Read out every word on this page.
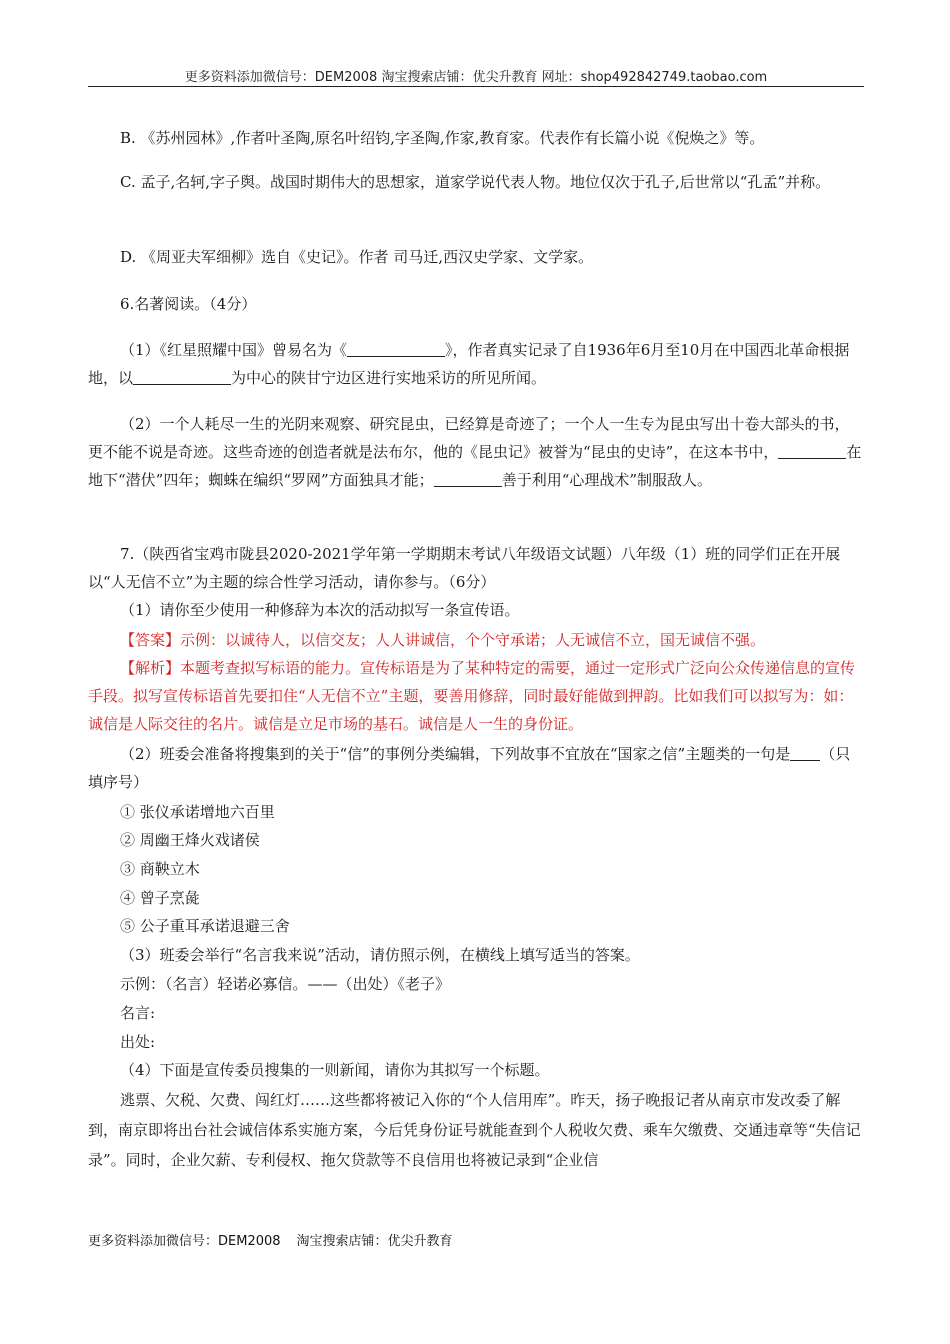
更多资料添加微信号：DEM2008 淘宝搜索店铺：优尖升教育 网址：shop492842749.taobao.com

B. 《苏州园林》,作者叶圣陶,原名叶绍钧,字圣陶,作家,教育家。代表作有长篇小说《倪焕之》等。

C. 孟子,名轲,字子舆。战国时期伟大的思想家，道家学说代表人物。地位仅次于孔子,后世常以“孔孟”并称。

D. 《周亚夫军细柳》选自《史记》。作者 司马迁,西汉史学家、文学家。

6.名著阅读。（4分）

（1）《红星照耀中国》曾易名为《	》，作者真实记录了自1936年6月至10月在中国西北革命根据地，以	为中心的陕甘宁边区进行实地采访的所见所闻。

（2）一个人耗尽一生的光阴来观察、研究昆虫，已经算是奇迹了；一个人一生专为昆虫写出十卷大部头的书，更不能不说是奇迹。这些奇迹的创造者就是法布尔，他的《昆虫记》被誉为“昆虫的史诗”，在这本书中，	在地下“潜伏”四年；蜘蛛在编织“罗网”方面独具才能；	善于利用“心理战术”制服敌人。

7.（陕西省宝鸡市陇县2020-2021学年第一学期期末考试八年级语文试题）八年级（1）班的同学们正在开展以“人无信不立”为主题的综合性学习活动，请你参与。（6分）

（1）请你至少使用一种修辞为本次的活动拟写一条宣传语。

【答案】示例：以诚待人，以信交友；人人讲诚信，个个守承诺；人无诚信不立，国无诚信不强。

【解析】本题考查拟写标语的能力。宣传标语是为了某种特定的需要，通过一定形式广泛向公众传递信息的宣传手段。拟写宣传标语首先要扣住“人无信不立”主题，要善用修辞，同时最好能做到押韵。比如我们可以拟写为：如：诚信是人际交往的名片。诚信是立足市场的基石。诚信是人一生的身份证。

（2）班委会准备将搜集到的关于“信”的事例分类编辑，下列故事不宜放在“国家之信”主题类的一句是 （只填序号）

① 张仪承诺增地六百里

② 周幽王烽火戏诸侯

③ 商鞅立木

④ 曾子烹彘

⑤ 公子重耳承诺退避三舍

（3）班委会举行“名言我来说”活动，请仿照示例，在横线上填写适当的答案。

示例：（名言）轻诺必寡信。——（出处）《老子》

名言:

出处:

（4）下面是宣传委员搜集的一则新闻，请你为其拟写一个标题。

逃票、欠税、欠费、闯红灯……这些都将被记入你的“个人信用库”。昨天，扬子晚报记者从南京市发改委了解到，南京即将出台社会诚信体系实施方案，今后凭身份证号就能查到个人税收欠费、乘车欠缴费、交通违章等“失信记录”。同时，企业欠薪、专利侵权、拖欠贷款等不良信用也将被记录到“企业信

更多资料添加微信号：DEM2008 淘宝搜索店铺：优尖升教育
